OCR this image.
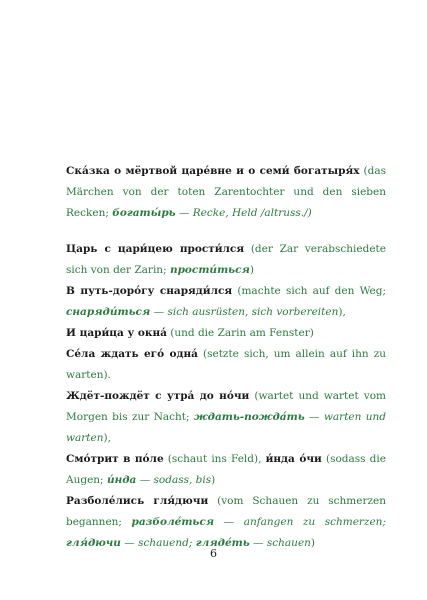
Ска́зка о мёртвой царе́вне и о семи́ богатыря́х (das Märchen von der toten Zarentochter und den sieben Recken; богаты́рь — Recke, Held /altruss./)

Царь с цари́цею прости́лся (der Zar verabschiedete sich von der Zarin; прости́ться)

В путь-доро́гу снаряди́лся (machte sich auf den Weg; снаряди́ться — sich ausrüsten, sich vorbereiten),

И цари́ца у окна́ (und die Zarin am Fenster)

Се́ла ждать его́ одна́ (setzte sich, um allein auf ihn zu warten).

Ждёт-пождёт с утра́ до но́чи (wartet und wartet vom Morgen bis zur Nacht; ждать-пожда́ть — warten und warten),

Смо́трит в по́ле (schaut ins Feld), и́нда о́чи (sodass die Augen; и́нда — sodass, bis)

Разболе́лись гля́дючи (vom Schauen zu schmerzen begannen; разболе́ться — anfangen zu schmerzen; гля́дючи — schauend; гляде́ть — schauen)

6
